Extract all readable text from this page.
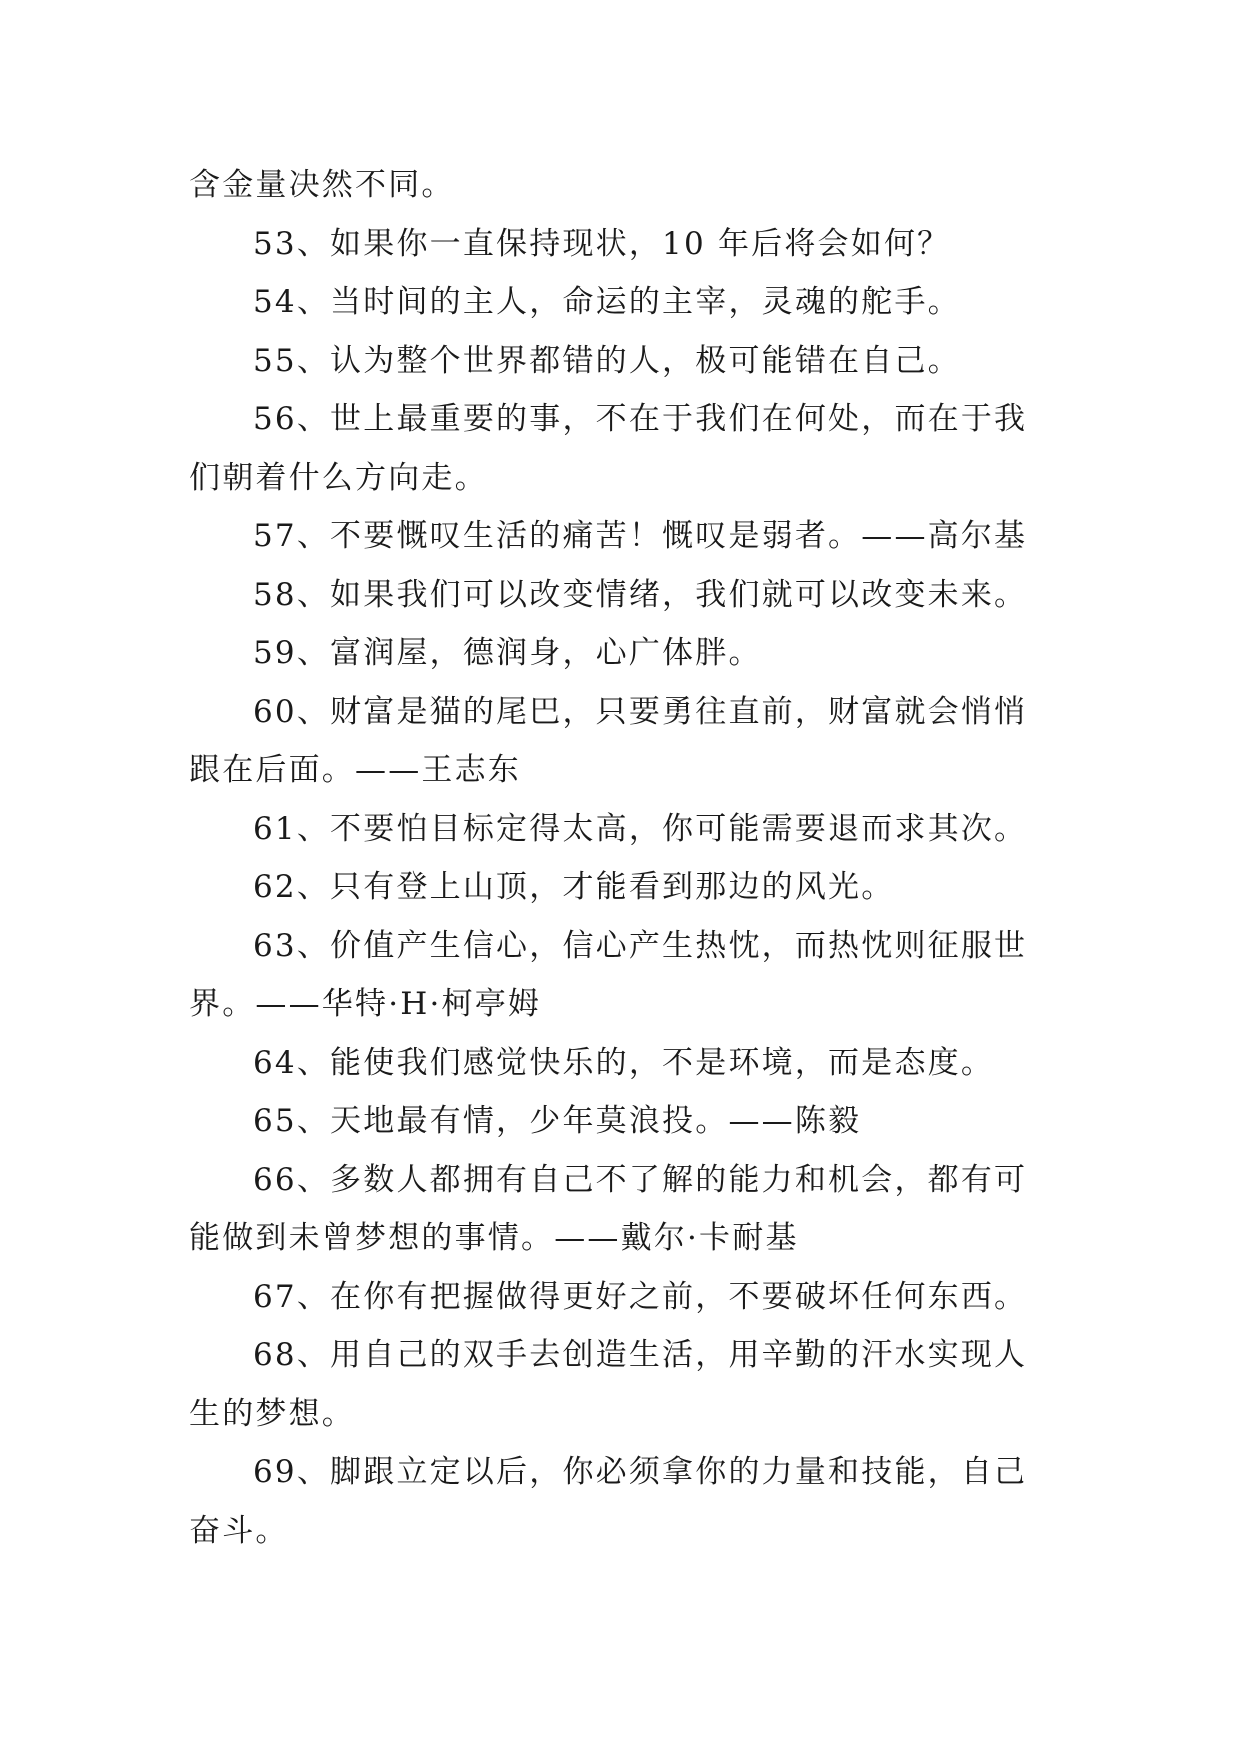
含金量决然不同。

53、如果你一直保持现状，10 年后将会如何？

54、当时间的主人，命运的主宰，灵魂的舵手。

55、认为整个世界都错的人，极可能错在自己。

56、世上最重要的事，不在于我们在何处，而在于我们朝着什么方向走。

57、不要慨叹生活的痛苦！慨叹是弱者。——高尔基

58、如果我们可以改变情绪，我们就可以改变未来。

59、富润屋，德润身，心广体胖。

60、财富是猫的尾巴，只要勇往直前，财富就会悄悄跟在后面。——王志东

61、不要怕目标定得太高，你可能需要退而求其次。

62、只有登上山顶，才能看到那边的风光。

63、价值产生信心，信心产生热忱，而热忱则征服世界。——华特·H·柯亭姆

64、能使我们感觉快乐的，不是环境，而是态度。

65、天地最有情，少年莫浪投。——陈毅

66、多数人都拥有自己不了解的能力和机会，都有可能做到未曾梦想的事情。——戴尔·卡耐基

67、在你有把握做得更好之前，不要破坏任何东西。

68、用自己的双手去创造生活，用辛勤的汗水实现人生的梦想。

69、脚跟立定以后，你必须拿你的力量和技能，自己奋斗。
